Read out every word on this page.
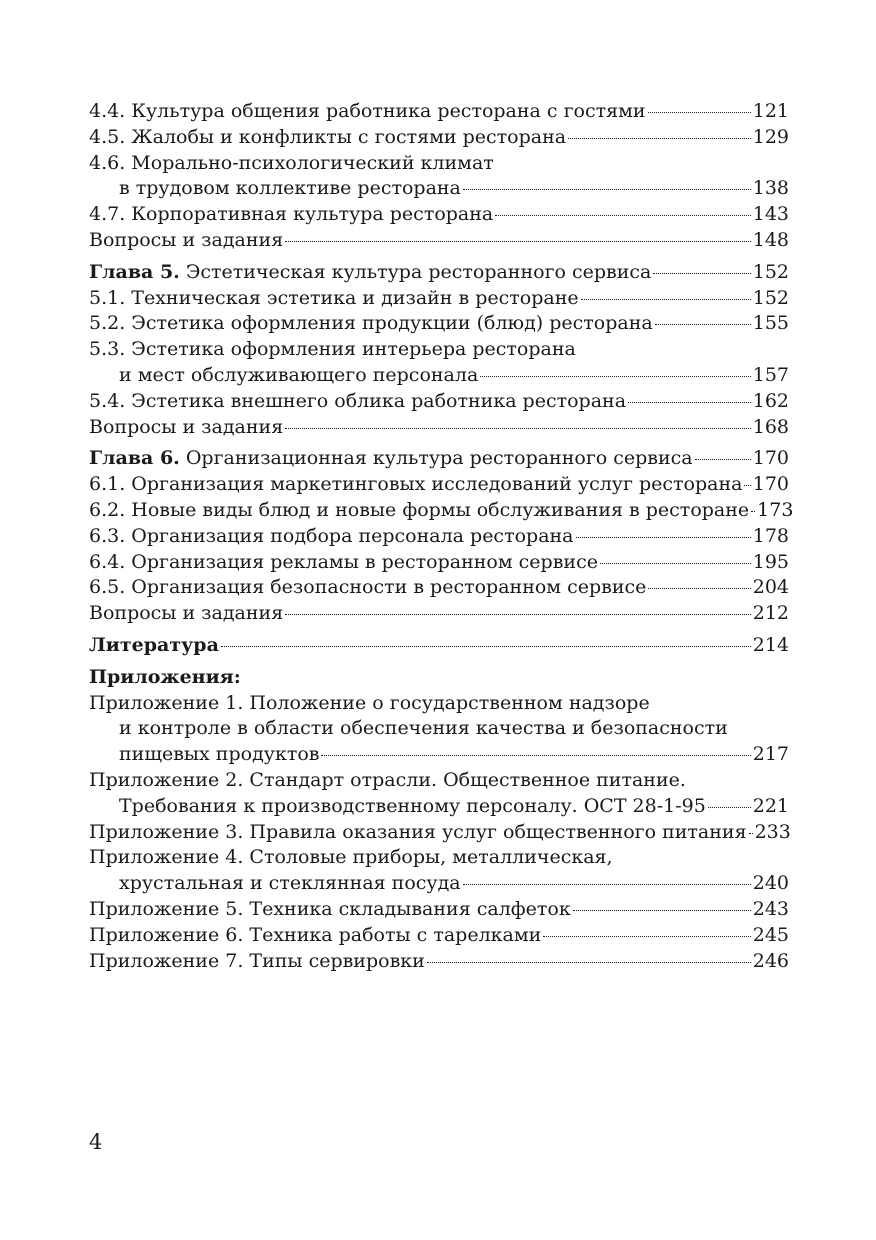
4.4. Культура общения работника ресторана с гостями	121
4.5. Жалобы и конфликты с гостями ресторана	129
4.6. Морально-психологический климат
в трудовом коллективе ресторана	138
4.7. Корпоративная культура ресторана	143
Вопросы и задания	148
Глава 5. Эстетическая культура ресторанного сервиса	152
5.1. Техническая эстетика и дизайн в ресторане	152
5.2. Эстетика оформления продукции (блюд) ресторана	155
5.3. Эстетика оформления интерьера ресторана
и мест обслуживающего персонала	157
5.4. Эстетика внешнего облика работника ресторана	162
Вопросы и задания	168
Глава 6. Организационная культура ресторанного сервиса	170
6.1. Организация маркетинговых исследований услуг ресторана 170
6.2. Новые виды блюд и новые формы обслуживания в ресторане 173
6.3. Организация подбора персонала ресторана	178
6.4. Организация рекламы в ресторанном сервисе	195
6.5. Организация безопасности в ресторанном сервисе	204
Вопросы и задания	212
Литература	214
Приложения:
Приложение 1. Положение о государственном надзоре
и контроле в области обеспечения качества и безопасности
пищевых продуктов	217
Приложение 2. Стандарт отрасли. Общественное питание.
Требования к производственному персоналу. ОСТ 28-1-95 221
Приложение 3. Правила оказания услуг общественного питания 233
Приложение 4. Столовые приборы, металлическая,
хрустальная и стеклянная посуда	240
Приложение 5. Техника складывания салфеток	243
Приложение 6. Техника работы с тарелками	245
Приложение 7. Типы сервировки	246
4
